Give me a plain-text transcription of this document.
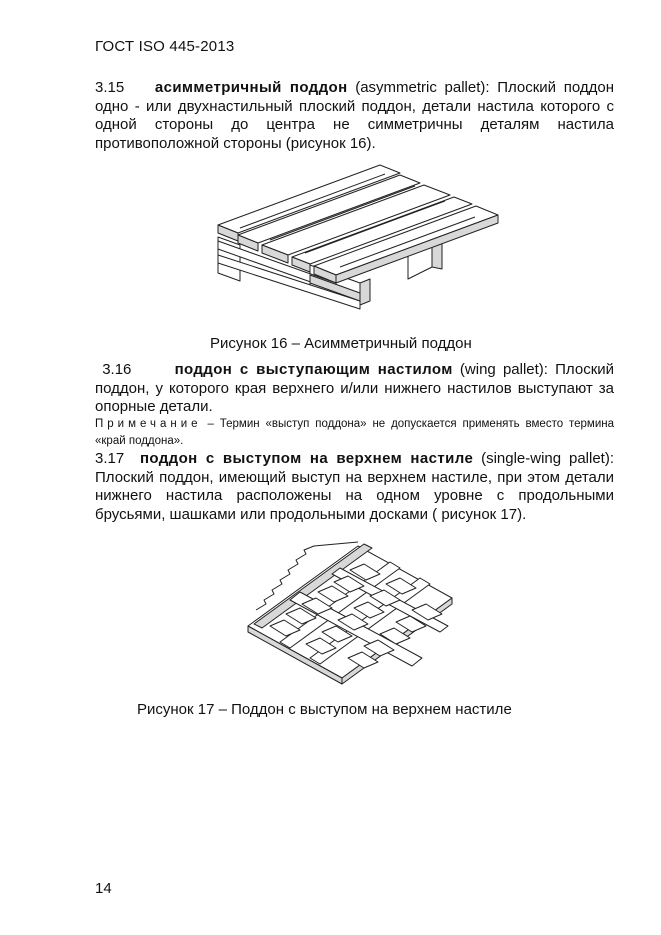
ГОСТ ISO 445-2013
3.15 асимметричный поддон (asymmetric pallet): Плоский поддон одно - или двухнастильный плоский поддон, детали настила которого с одной стороны до центра не симметричны деталям настила противоположной стороны (рисунок 16).
Рисунок 16 – Асимметричный поддон
3.16	поддон с выступающим настилом (wing pallet): Плоский поддон, у которого края верхнего и/или нижнего настилов выступают за опорные детали.
Примечание – Термин «выступ поддона» не допускается применять вместо термина «край поддона».
3.17 поддон с выступом на верхнем настиле (single-wing pallet): Плоский поддон, имеющий выступ на верхнем настиле, при этом детали нижнего настила расположены на одном уровне с продольными брусьями, шашками или продольными досками ( рисунок 17).
Рисунок 17 – Поддон с выступом на верхнем настиле
14
